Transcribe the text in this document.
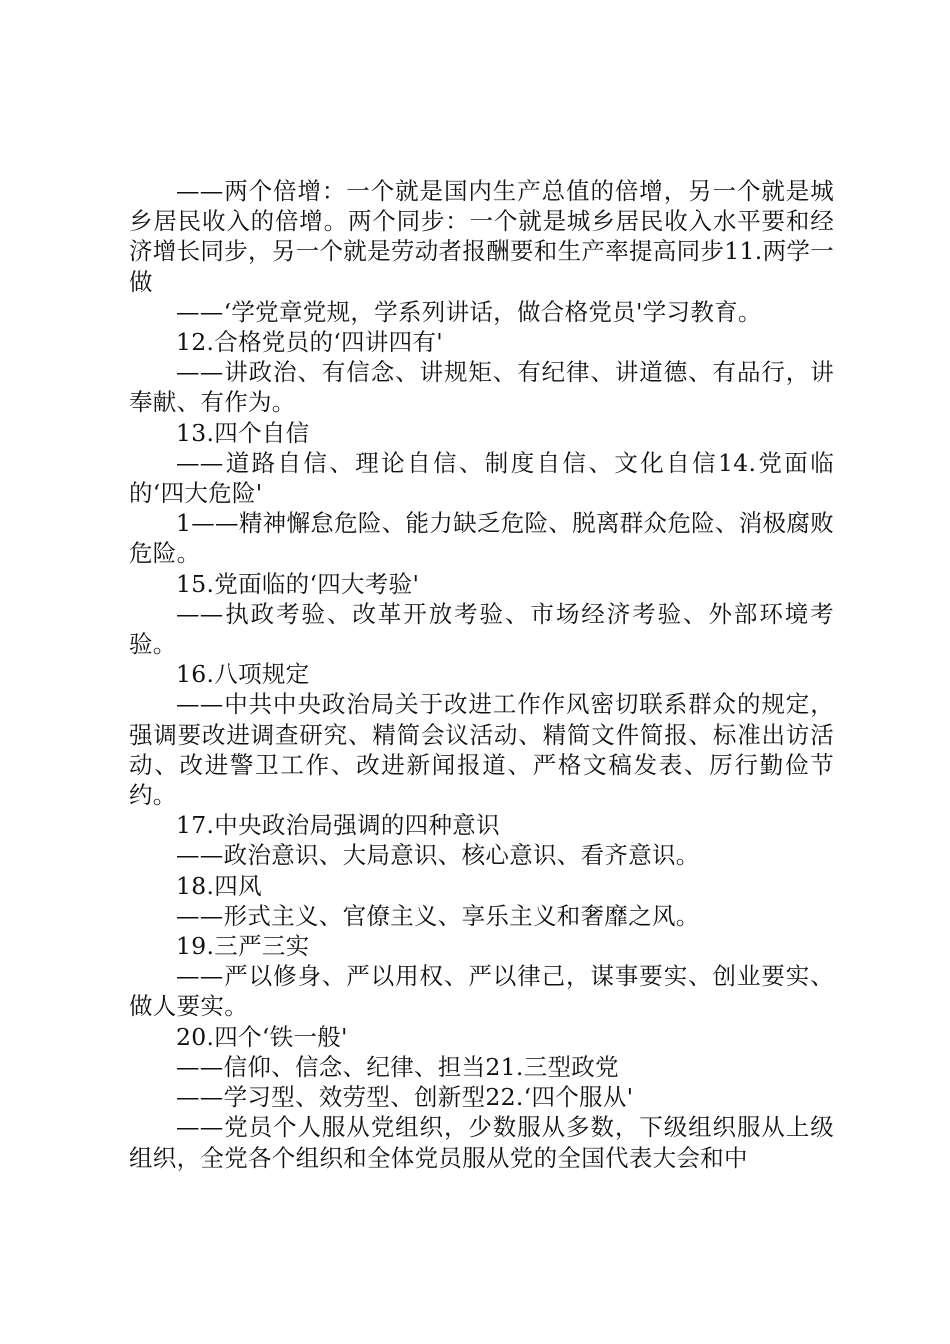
——两个倍增：一个就是国内生产总值的倍增，另一个就是城乡居民收入的倍增。两个同步：一个就是城乡居民收入水平要和经济增长同步，另一个就是劳动者报酬要和生产率提高同步11.两学一做

——‘学党章党规，学系列讲话，做合格党员'学习教育。

12.合格党员的‘四讲四有'

——讲政治、有信念、讲规矩、有纪律、讲道德、有品行，讲奉献、有作为。

13.四个自信

——道路自信、理论自信、制度自信、文化自信14.党面临的‘四大危险'

1——精神懈怠危险、能力缺乏危险、脱离群众危险、消极腐败危险。

15.党面临的‘四大考验'

——执政考验、改革开放考验、市场经济考验、外部环境考验。

16.八项规定

——中共中央政治局关于改进工作作风密切联系群众的规定，强调要改进调查研究、精简会议活动、精简文件简报、标准出访活动、改进警卫工作、改进新闻报道、严格文稿发表、厉行勤俭节约。

17.中央政治局强调的四种意识

——政治意识、大局意识、核心意识、看齐意识。

18.四风

——形式主义、官僚主义、享乐主义和奢靡之风。

19.三严三实

——严以修身、严以用权、严以律己，谋事要实、创业要实、做人要实。

20.四个‘铁一般'

——信仰、信念、纪律、担当21.三型政党

——学习型、效劳型、创新型22.‘四个服从'

——党员个人服从党组织，少数服从多数，下级组织服从上级组织，全党各个组织和全体党员服从党的全国代表大会和中
